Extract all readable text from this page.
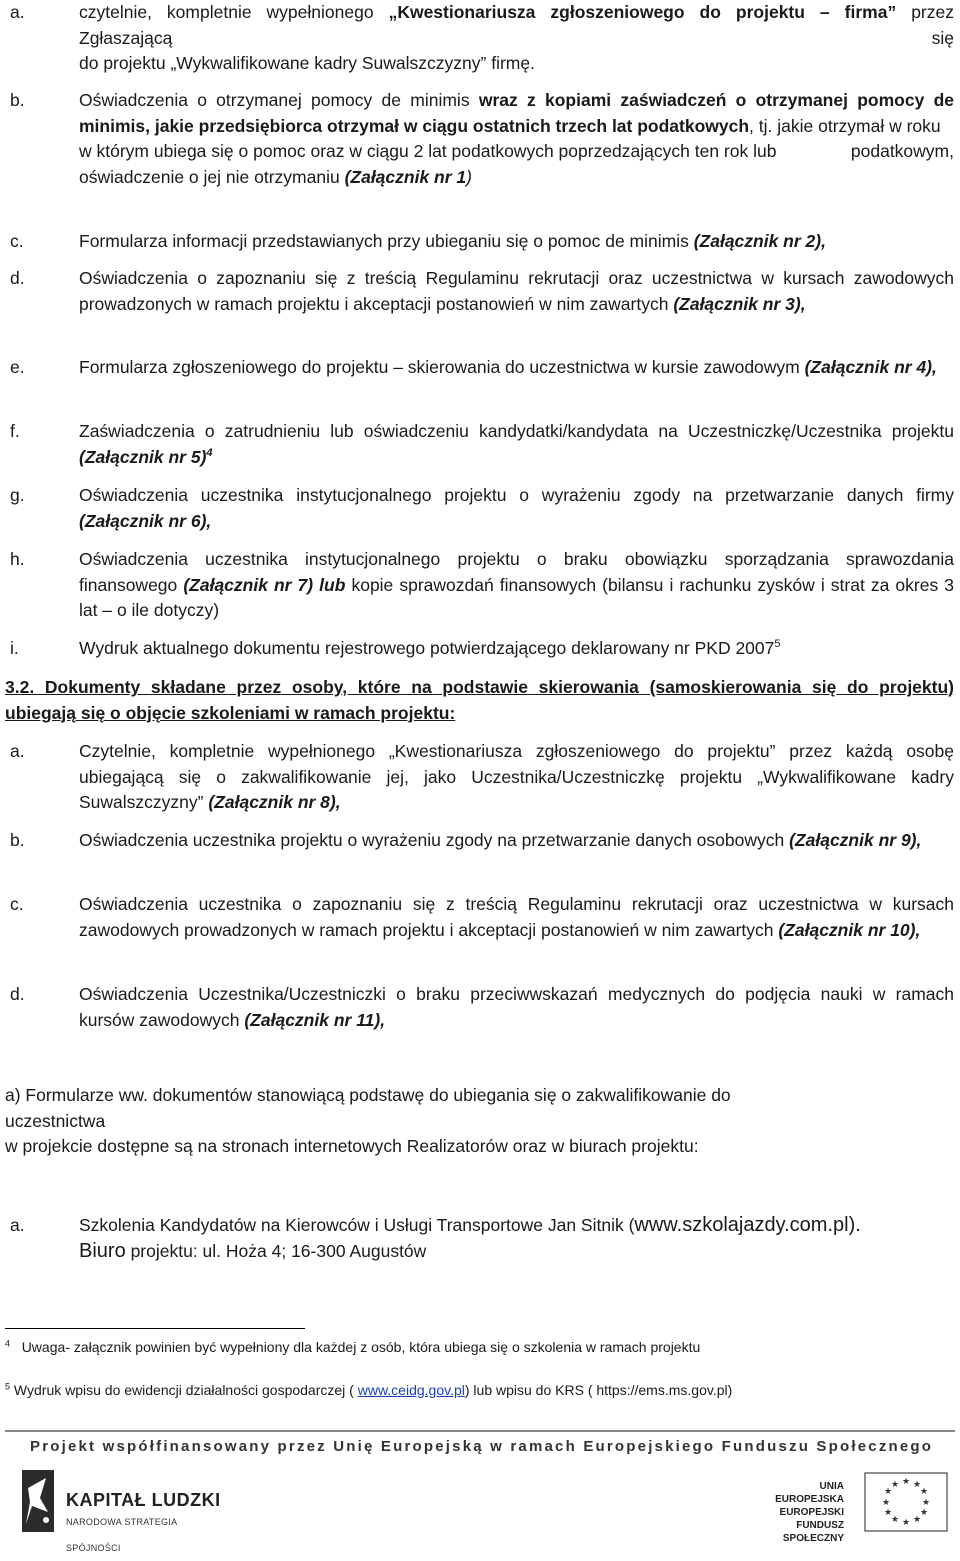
a.	czytelnie, kompletnie wypełnionego „Kwestionariusza zgłoszeniowego do projektu – firma” przez Zgłaszającą	się

do projektu „Wykwalifikowane kadry Suwalszczyzny” firmę.
b.	Oświadczenia o otrzymanej pomocy de minimis wraz z kopiami zaświadczeń o otrzymanej pomocy de minimis, jakie przedsiębiorca otrzymał w ciągu ostatnich trzech lat podatkowych, tj. jakie otrzymał w roku
podatkowym,

w którym ubiega się o pomoc oraz w ciągu 2 lat podatkowych poprzedzających ten rok lub
oświadczenie o jej nie otrzymaniu (Załącznik nr 1)
c.	Formularza informacji przedstawianych przy ubieganiu się o pomoc de minimis (Załącznik nr 2),
d.	Oświadczenia o zapoznaniu się z treścią Regulaminu rekrutacji oraz uczestnictwa w kursach zawodowych prowadzonych w ramach projektu i akceptacji postanowień w nim zawartych (Załącznik nr 3),
e.	Formularza zgłoszeniowego do projektu – skierowania do uczestnictwa w kursie zawodowym (Załącznik nr 4),
f.	Zaświadczenia o zatrudnieniu lub oświadczeniu kandydatki/kandydata na Uczestniczkę/Uczestnika projektu (Załącznik nr 5)$^4$
g.	Oświadczenia uczestnika instytucjonalnego projektu o wyrażeniu zgody na przetwarzanie danych firmy (Załącznik nr 6),
h.	Oświadczenia uczestnika instytucjonalnego projektu o braku obowiązku sporządzania sprawozdania finansowego (Załącznik nr 7) lub kopie sprawozdań finansowych (bilansu i rachunku zysków i strat za okres 3 lat – o ile dotyczy)
i.	Wydruk aktualnego dokumentu rejestrowego potwierdzającego deklarowany nr PKD 2007$^5$
3.2. Dokumenty składane przez osoby, które na podstawie skierowania (samoskierowania się do projektu) ubiegają się o objęcie szkoleniami w ramach projektu:
a.	Czytelnie, kompletnie wypełnionego „Kwestionariusza zgłoszeniowego do projektu” przez każdą osobę ubiegającą się o zakwalifikowanie jej, jako Uczestnika/Uczestniczkę projektu „Wykwalifikowane kadry Suwalszczyzny” (Załącznik nr 8),
b.	Oświadczenia uczestnika projektu o wyrażeniu zgody na przetwarzanie danych osobowych (Załącznik nr 9),
c.	Oświadczenia uczestnika o zapoznaniu się z treścią Regulaminu rekrutacji oraz uczestnictwa w kursach zawodowych prowadzonych w ramach projektu i akceptacji postanowień w nim zawartych (Załącznik nr 10),
d.	Oświadczenia Uczestnika/Uczestniczki o braku przeciwwskazań medycznych do podjęcia nauki w ramach kursów zawodowych (Załącznik nr 11),
a) Formularze ww. dokumentów stanowiącą podstawę do ubiegania się o zakwalifikowanie do
uczestnictwa
w projekcie dostępne są na stronach internetowych Realizatorów oraz w biurach projektu:
a.	Szkolenia Kandydatów na Kierowców i Usługi Transportowe Jan Sitnik (www.szkolajazdy.com.pl).
Biuro projektu: ul. Hoża 4; 16-300 Augustów
$^4$ Uwaga- załącznik powinien być wypełniony dla każdej z osób, która ubiega się o szkolenia w ramach projektu
$^5$ Wydruk wpisu do ewidencji działalności gospodarczej ( www.ceidg.gov.pl) lub wpisu do KRS ( https://ems.ms.gov.pl)
Projekt współfinansowany przez Unię Europejską w ramach Europejskiego Funduszu Społecznego
KAPITAŁ LUDZKI
NARODOWA STRATEGIA SPÓJNOŚCI
UNIA EUROPEJSKA
EUROPEJSKI
FUNDUSZ SPOŁECZNY
★ ★
★
★
★
★
★
★
★
★
★
★
